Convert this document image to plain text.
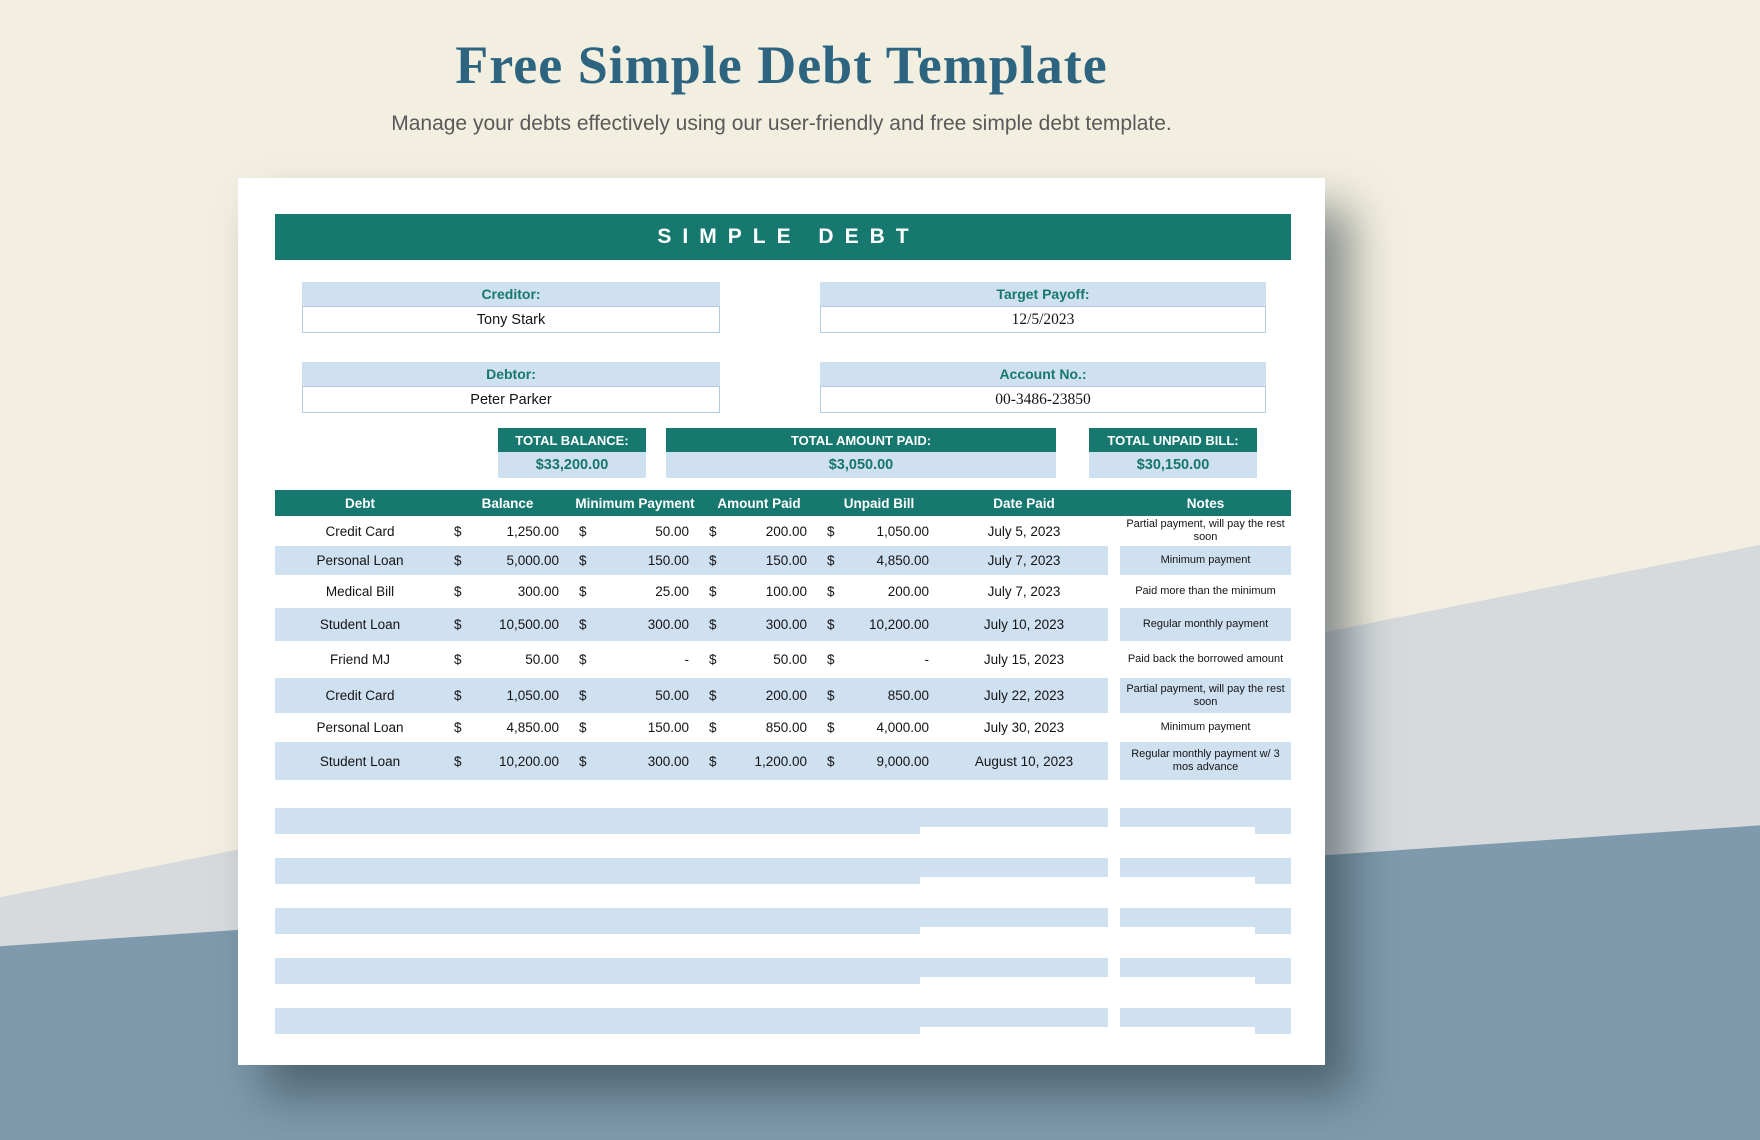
Free Simple Debt Template

Manage your debts effectively using our user-friendly and free simple debt template.

SIMPLE DEBT
Creditor:
Tony Stark
Target Payoff:
12/5/2023
Debtor:
Peter Parker
Account No.:
00-3486-23850
TOTAL BALANCE:
$33,200.00
TOTAL AMOUNT PAID:
$3,050.00
TOTAL UNPAID BILL:
$30,150.00
Debt	Balance	Minimum Payment	Amount Paid	Unpaid Bill	Date Paid	Notes
Credit Card	$	1,250.00 $	50.00 $	200.00 $	1,050.00	July 5, 2023	Partial payment, will pay the rest soon
Personal Loan	$	5,000.00 $	150.00 $	150.00 $	4,850.00	July 7, 2023	Minimum payment
Medical Bill	$	300.00 $	25.00 $	100.00 $	200.00	July 7, 2023	Paid more than the minimum
Student Loan	$	10,500.00 $	300.00 $	300.00 $	10,200.00	July 10, 2023	Regular monthly payment
Friend MJ	$	50.00 $	- $	50.00 $	-	July 15, 2023	Paid back the borrowed amount
Credit Card	$	1,050.00 $	50.00 $	200.00 $	850.00	July 22, 2023	Partial payment, will pay the rest soon
Personal Loan	$	4,850.00 $	150.00 $	850.00 $	4,000.00	July 30, 2023	Minimum payment
Student Loan	$	10,200.00 $	300.00 $	1,200.00 $	9,000.00	August 10, 2023	Regular monthly payment w/ 3 mos advance
